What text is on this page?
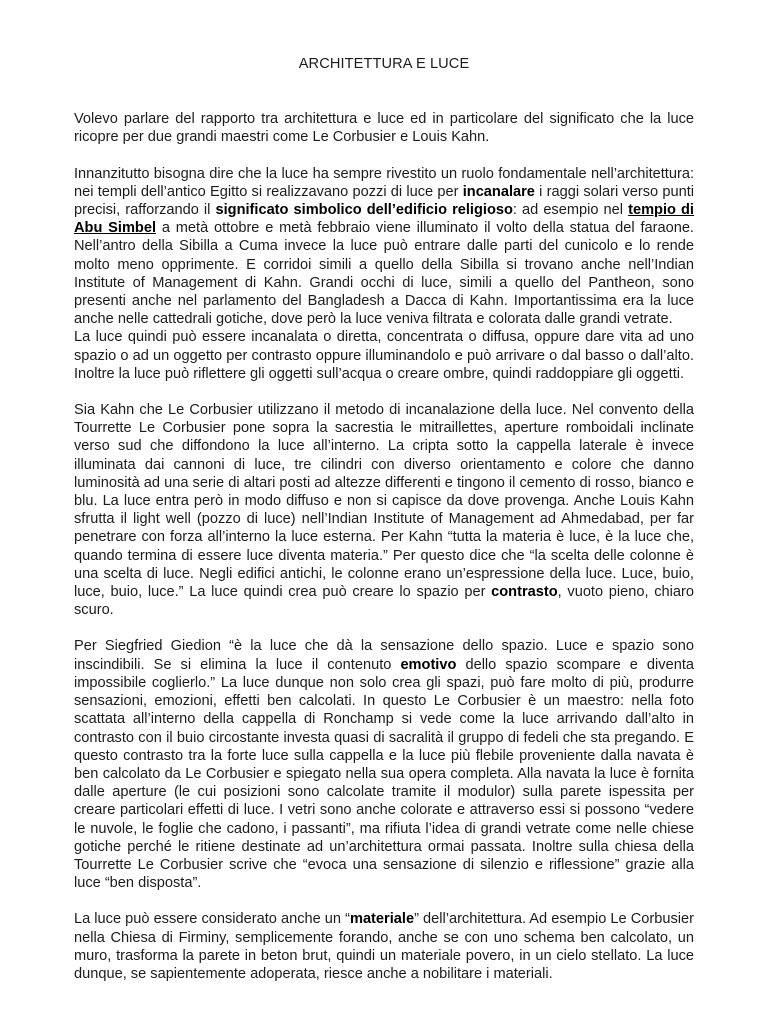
ARCHITETTURA E LUCE

Volevo parlare del rapporto tra architettura e luce ed in particolare del significato che la luce ricopre per due grandi maestri come Le Corbusier e Louis Kahn.

Innanzitutto bisogna dire che la luce ha sempre rivestito un ruolo fondamentale nell’architettura: nei templi dell’antico Egitto si realizzavano pozzi di luce per incanalare i raggi solari verso punti precisi, rafforzando il significato simbolico dell’edificio religioso: ad esempio nel tempio di Abu Simbel a metà ottobre e metà febbraio viene illuminato il volto della statua del faraone. Nell’antro della Sibilla a Cuma invece la luce può entrare dalle parti del cunicolo e lo rende molto meno opprimente. E corridoi simili a quello della Sibilla si trovano anche nell’Indian Institute of Management di Kahn. Grandi occhi di luce, simili a quello del Pantheon, sono presenti anche nel parlamento del Bangladesh a Dacca di Kahn. Importantissima era la luce anche nelle cattedrali gotiche, dove però la luce veniva filtrata e colorata dalle grandi vetrate.

La luce quindi può essere incanalata o diretta, concentrata o diffusa, oppure dare vita ad uno spazio o ad un oggetto per contrasto oppure illuminandolo e può arrivare o dal basso o dall’alto. Inoltre la luce può riflettere gli oggetti sull’acqua o creare ombre, quindi raddoppiare gli oggetti.

Sia Kahn che Le Corbusier utilizzano il metodo di incanalazione della luce. Nel convento della Tourrette Le Corbusier pone sopra la sacrestia le mitraillettes, aperture romboidali inclinate verso sud che diffondono la luce all’interno. La cripta sotto la cappella laterale è invece illuminata dai cannoni di luce, tre cilindri con diverso orientamento e colore che danno luminosità ad una serie di altari posti ad altezze differenti e tingono il cemento di rosso, bianco e blu. La luce entra però in modo diffuso e non si capisce da dove provenga. Anche Louis Kahn sfrutta il light well (pozzo di luce) nell’Indian Institute of Management ad Ahmedabad, per far penetrare con forza all’interno la luce esterna. Per Kahn “tutta la materia è luce, è la luce che, quando termina di essere luce diventa materia.” Per questo dice che “la scelta delle colonne è una scelta di luce. Negli edifici antichi, le colonne erano un’espressione della luce. Luce, buio, luce, buio, luce.” La luce quindi crea può creare lo spazio per contrasto, vuoto pieno, chiaro scuro.

Per Siegfried Giedion “è la luce che dà la sensazione dello spazio. Luce e spazio sono inscindibili. Se si elimina la luce il contenuto emotivo dello spazio scompare e diventa impossibile coglierlo.” La luce dunque non solo crea gli spazi, può fare molto di più, produrre sensazioni, emozioni, effetti ben calcolati. In questo Le Corbusier è un maestro: nella foto scattata all’interno della cappella di Ronchamp si vede come la luce arrivando dall’alto in contrasto con il buio circostante investa quasi di sacralità il gruppo di fedeli che sta pregando. E questo contrasto tra la forte luce sulla cappella e la luce più flebile proveniente dalla navata è ben calcolato da Le Corbusier e spiegato nella sua opera completa. Alla navata la luce è fornita dalle aperture (le cui posizioni sono calcolate tramite il modulor) sulla parete ispessita per creare particolari effetti di luce. I vetri sono anche colorate e attraverso essi si possono “vedere le nuvole, le foglie che cadono, i passanti”, ma rifiuta l’idea di grandi vetrate come nelle chiese gotiche perché le ritiene destinate ad un’architettura ormai passata. Inoltre sulla chiesa della Tourrette Le Corbusier scrive che “evoca una sensazione di silenzio e riflessione” grazie alla luce “ben disposta”.

La luce può essere considerato anche un “materiale” dell’architettura. Ad esempio Le Corbusier nella Chiesa di Firminy, semplicemente forando, anche se con uno schema ben calcolato, un muro, trasforma la parete in beton brut, quindi un materiale povero, in un cielo stellato. La luce dunque, se sapientemente adoperata, riesce anche a nobilitare i materiali.
